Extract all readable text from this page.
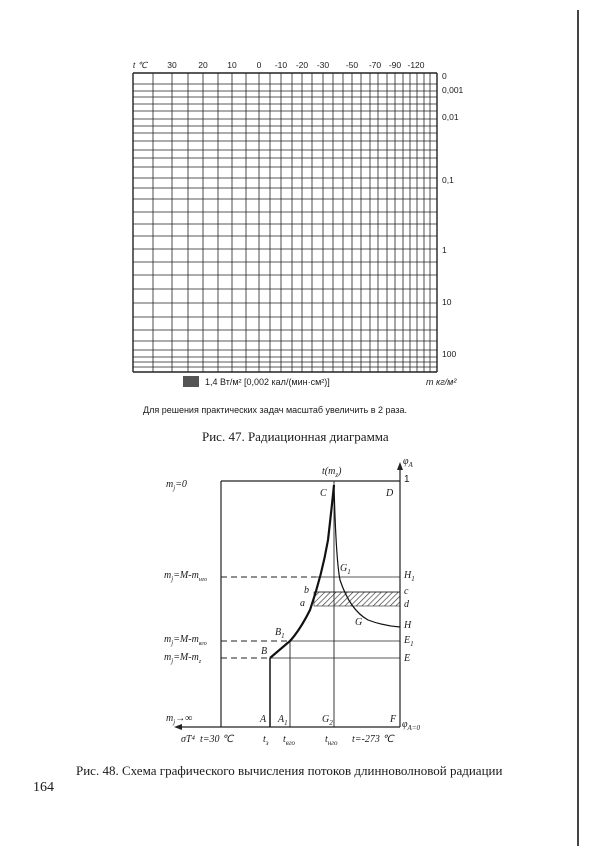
t ℃ 30	20 10 0 -10 -20 -30 -50 -70 -90 -120
0
0,001
0,01
0,1
1
10
100
1,4 Вт/м² [0,002 кал/(мин·см²)]	m кг/м²
Для решения практических задач масштаб увеличить в 2 раза.
Рис. 47. Радиационная диаграмма
$\varphi_A$
1
$t(m_z)$
$m_j=0$
$m_j=M-m_{нго}$
$m_j=M-m_{вго}$
$m_j=M-m_z$
$m_j\to\infty$
C	D
$G_1$	$H_1$
b	c
a	d
G	H
$B_1$	$E_1$
B
E
A $A_1$	$G_2$	F $\varphi_{A=0}$
σT⁴ t=30 ℃	$t_з$ $t_{вго}$	$t_{нго}$ t=-273 ℃
Рис. 48. Схема графического вычисления потоков длинноволновой радиации
164
